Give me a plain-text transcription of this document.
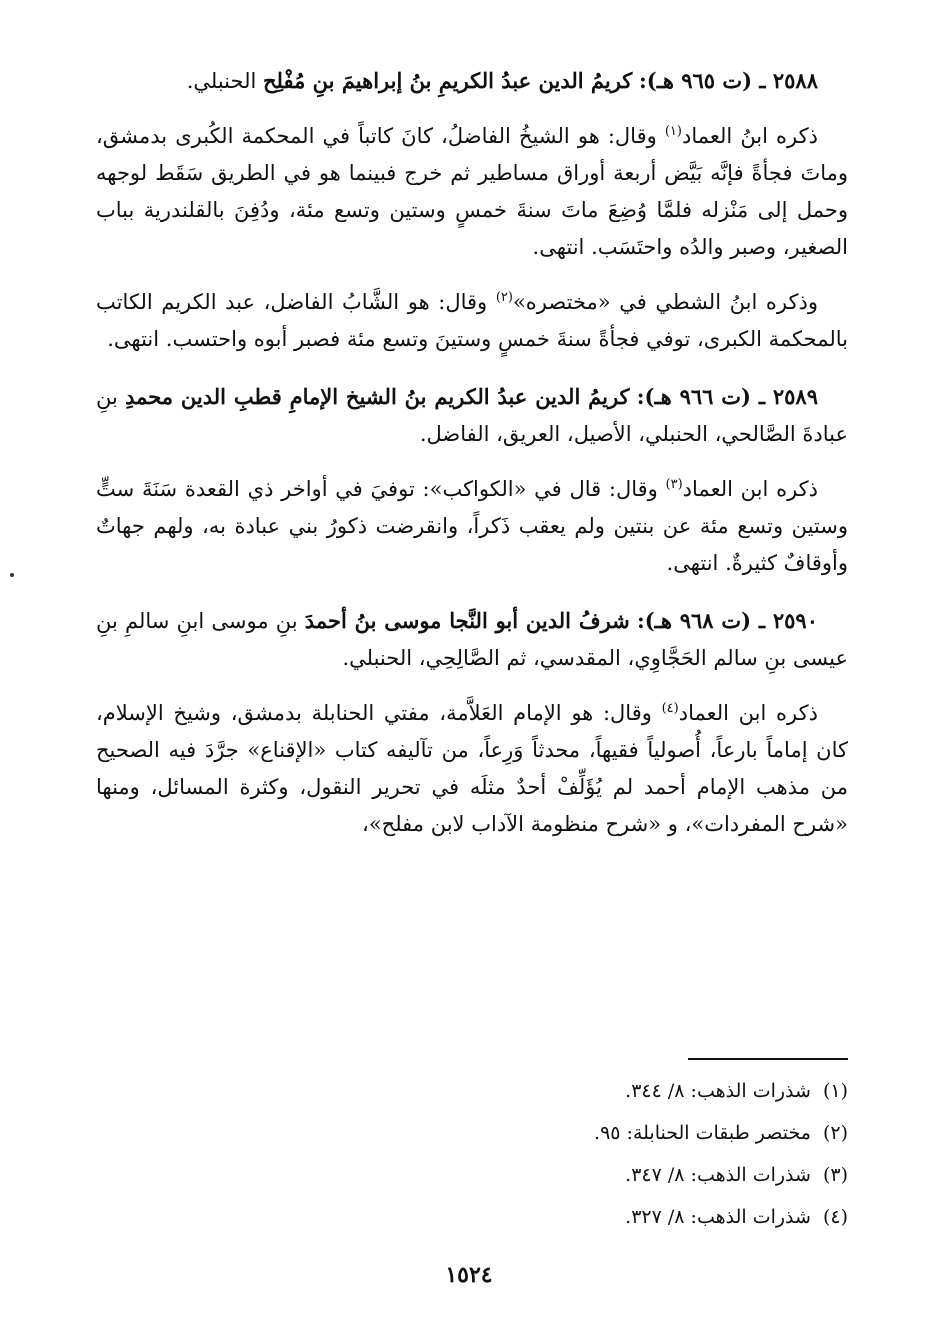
٢٥٨٨ ـ (ت ٩٦٥ هـ): كريمُ الدين عبدُ الكريمِ بنُ إبراهيمَ بنِ مُفْلِح الحنبلي.

ذكره ابنُ العماد$^{(١)}$ وقال: هو الشيخُ الفاضلُ، كانَ كاتباً في المحكمة الكُبرى بدمشق، وماتَ فجأةً فإنَّه بَيَّض أربعة أوراق مساطير ثم خرج فبينما هو في الطريق سَقَط لوجهه وحمل إلى مَنْزله فلمَّا وُضِعَ ماتَ سنةَ خمسٍ وستين وتسع مئة، ودُفِنَ بالقلندرية بباب الصغير، وصبر والدُه واحتَسَب. انتهى.

وذكره ابنُ الشطي في «مختصره»$^{(٢)}$ وقال: هو الشَّابُ الفاضل، عبد الكريم الكاتب بالمحكمة الكبرى، توفي فجأةً سنةَ خمسٍ وستينَ وتسع مئة فصبر أبوه واحتسب. انتهى.

٢٥٨٩ ـ (ت ٩٦٦ هـ): كريمُ الدين عبدُ الكريم بنُ الشيخ الإمامِ قطبِ الدين محمدِ بنِ عبادةَ الصَّالحي، الحنبلي، الأصيل، العريق، الفاضل.

ذكره ابن العماد$^{(٣)}$ وقال: قال في «الكواكب»: توفيَ في أواخر ذي القعدة سَنَةَ ستٍّ وستين وتسع مئة عن بنتين ولم يعقب ذَكراً، وانقرضت ذكورُ بني عبادة به، ولهم جهاتٌ وأوقافٌ كثيرةٌ. انتهى.

٢٥٩٠ ـ (ت ٩٦٨ هـ): شرفُ الدين أبو النَّجا موسى بنُ أحمدَ بنِ موسى ابنِ سالمِ بنِ عيسى بنِ سالم الحَجَّاوِي، المقدسي، ثم الصَّالِحِي، الحنبلي.

ذكره ابن العماد$^{(٤)}$ وقال: هو الإمام العَلاَّمة، مفتي الحنابلة بدمشق، وشيخ الإسلام، كان إماماً بارعاً، أُصولياً فقيهاً، محدثاً وَرِعاً، من تآليفه كتاب «الإقناع» جرَّدَ فيه الصحيح من مذهب الإمام أحمد لم يُؤَلِّفْ أحدٌ مثلَه في تحرير النقول، وكثرة المسائل، ومنها «شرح المفردات»، و «شرح منظومة الآداب لابن مفلح»،

(١)شذرات الذهب: ٨/ ٣٤٤.

(٢)مختصر طبقات الحنابلة: ٩٥.

(٣)شذرات الذهب: ٨/ ٣٤٧.

(٤)شذرات الذهب: ٨/ ٣٢٧.

١٥٢٤
